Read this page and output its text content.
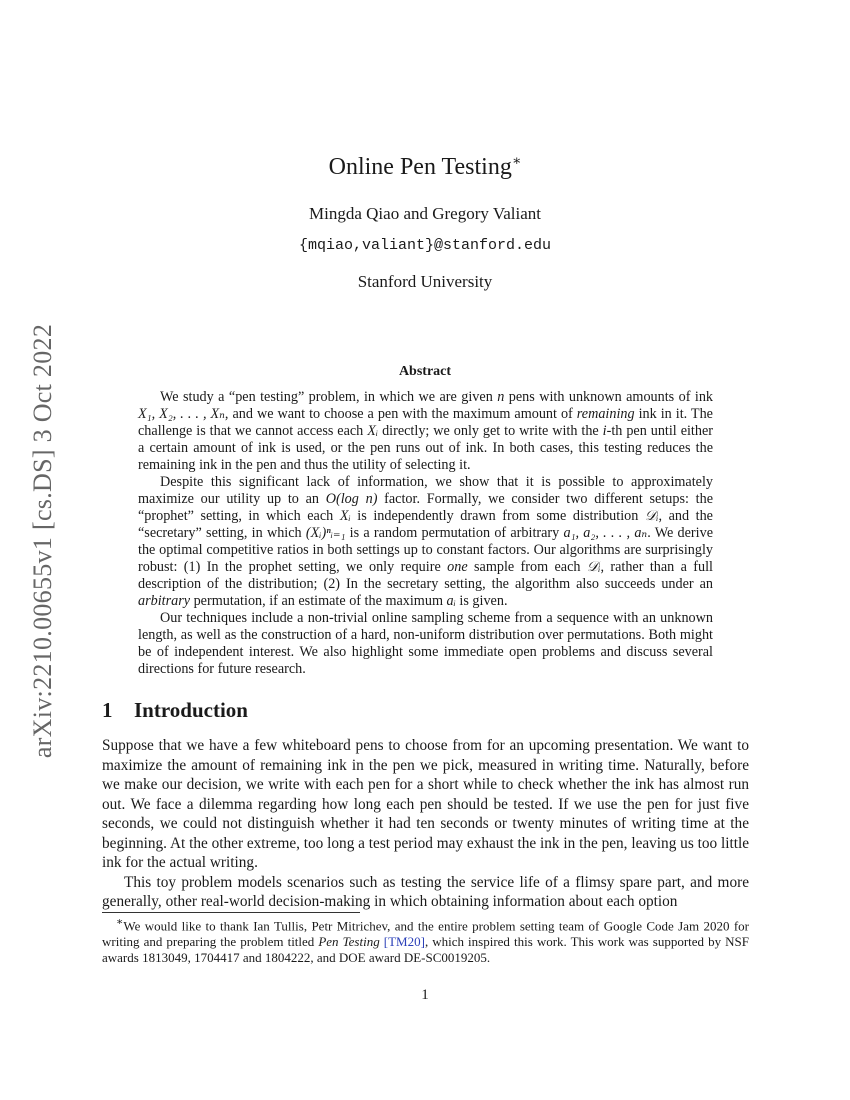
arXiv:2210.00655v1 [cs.DS] 3 Oct 2022
Online Pen Testing∗
Mingda Qiao and Gregory Valiant
{mqiao,valiant}@stanford.edu
Stanford University
Abstract

We study a “pen testing” problem, in which we are given n pens with unknown amounts of ink X₁, X₂, . . . , Xₙ, and we want to choose a pen with the maximum amount of remaining ink in it. The challenge is that we cannot access each Xᵢ directly; we only get to write with the i-th pen until either a certain amount of ink is used, or the pen runs out of ink. In both cases, this testing reduces the remaining ink in the pen and thus the utility of selecting it.

Despite this significant lack of information, we show that it is possible to approximately maximize our utility up to an O(log n) factor. Formally, we consider two different setups: the “prophet” setting, in which each Xᵢ is independently drawn from some distribution 𝒟ᵢ, and the “secretary” setting, in which (Xᵢ)ⁿᵢ₌₁ is a random permutation of arbitrary a₁, a₂, . . . , aₙ. We derive the optimal competitive ratios in both settings up to constant factors. Our algorithms are surprisingly robust: (1) In the prophet setting, we only require one sample from each 𝒟ᵢ, rather than a full description of the distribution; (2) In the secretary setting, the algorithm also succeeds under an arbitrary permutation, if an estimate of the maximum aᵢ is given.

Our techniques include a non-trivial online sampling scheme from a sequence with an unknown length, as well as the construction of a hard, non-uniform distribution over permutations. Both might be of independent interest. We also highlight some immediate open problems and discuss several directions for future research.

1 Introduction

Suppose that we have a few whiteboard pens to choose from for an upcoming presentation. We want to maximize the amount of remaining ink in the pen we pick, measured in writing time. Naturally, before we make our decision, we write with each pen for a short while to check whether the ink has almost run out. We face a dilemma regarding how long each pen should be tested. If we use the pen for just five seconds, we could not distinguish whether it had ten seconds or twenty minutes of writing time at the beginning. At the other extreme, too long a test period may exhaust the ink in the pen, leaving us too little ink for the actual writing.

This toy problem models scenarios such as testing the service life of a flimsy spare part, and more generally, other real-world decision-making in which obtaining information about each option

∗We would like to thank Ian Tullis, Petr Mitrichev, and the entire problem setting team of Google Code Jam 2020 for writing and preparing the problem titled Pen Testing [TM20], which inspired this work. This work was supported by NSF awards 1813049, 1704417 and 1804222, and DOE award DE-SC0019205.
1
